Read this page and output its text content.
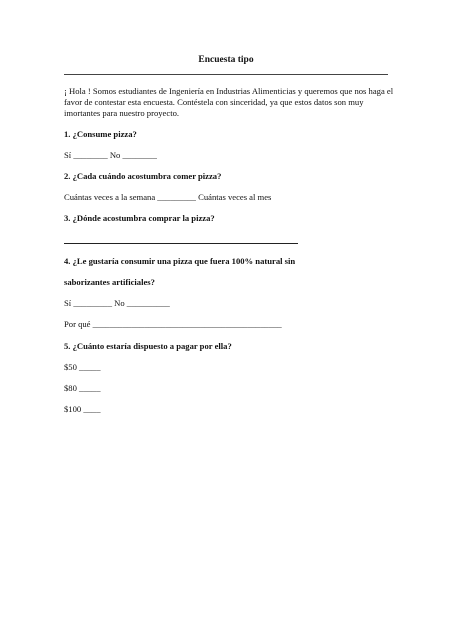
Encuesta tipo
¡ Hola ! Somos estudiantes de Ingeniería en Industrias Alimenticias y queremos que nos haga el favor de contestar esta encuesta. Contéstela con sinceridad, ya que estos datos son muy imortantes para nuestro proyecto.
1. ¿Consume pizza?
Sí ________ No ________
2. ¿Cada cuándo acostumbra comer pizza?
Cuántas veces a la semana _________ Cuántas veces al mes
3. ¿Dónde acostumbra comprar la pizza?
4. ¿Le gustaría consumir una pizza que fuera 100% natural sin
saborizantes artificiales?
Sí _________ No __________
Por qué ____________________________________________
5. ¿Cuánto estaría dispuesto a pagar por ella?
$50 _____
$80 _____
$100 ____
